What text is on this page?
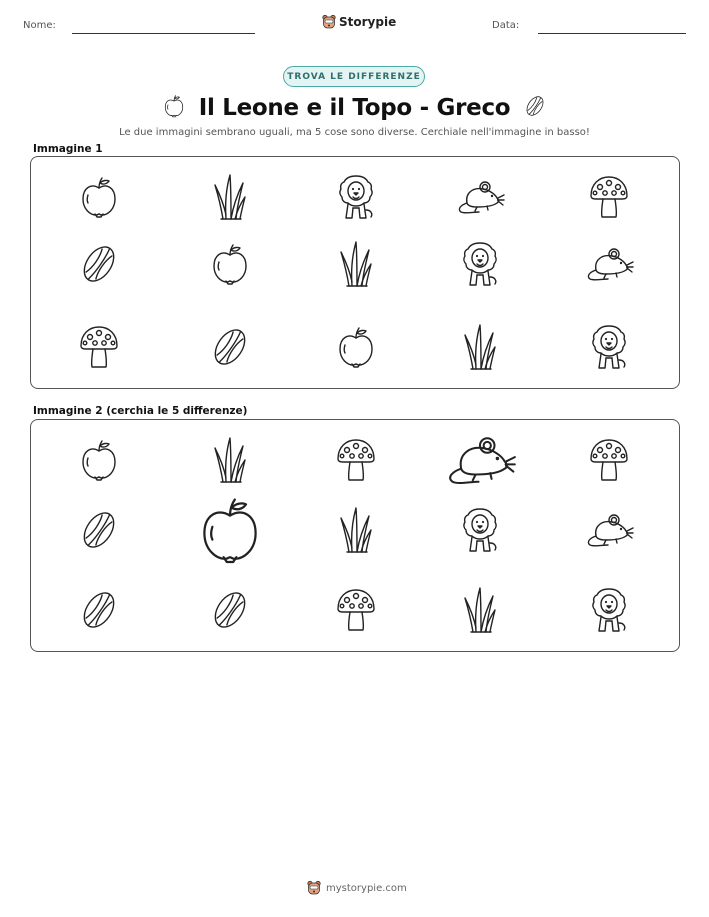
Nome:	Storypie	Data:
TROVA LE DIFFERENZE
Il Leone e il Topo - Greco
Le due immagini sembrano uguali, ma 5 cose sono diverse. Cerchiale nell'immagine in basso!
Immagine 1
Immagine 2 (cerchia le 5 differenze)
mystorypie.com
